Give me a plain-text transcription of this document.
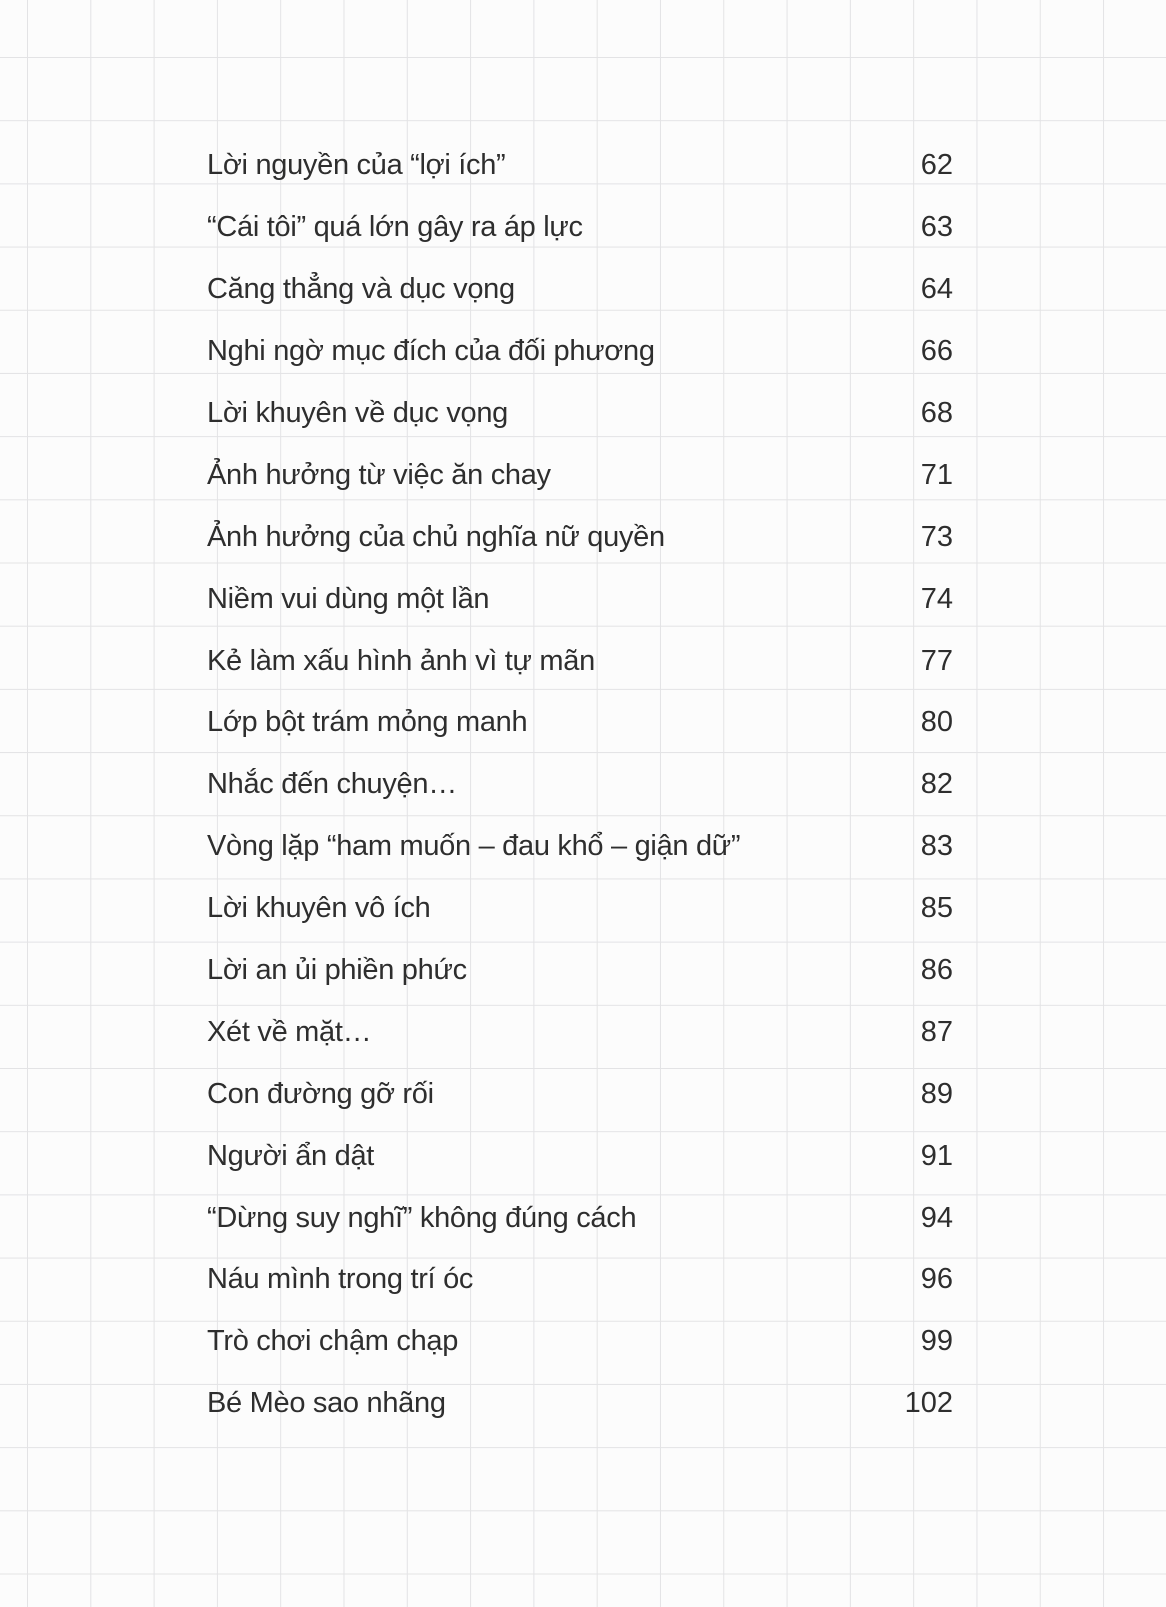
Lời nguyền của “lợi ích”	62
“Cái tôi” quá lớn gây ra áp lực	63
Căng thẳng và dục vọng	64
Nghi ngờ mục đích của đối phương	66
Lời khuyên về dục vọng	68
Ảnh hưởng từ việc ăn chay	71
Ảnh hưởng của chủ nghĩa nữ quyền	73
Niềm vui dùng một lần	74
Kẻ làm xấu hình ảnh vì tự mãn	77
Lớp bột trám mỏng manh	80
Nhắc đến chuyện…	82
Vòng lặp “ham muốn – đau khổ – giận dữ”	83
Lời khuyên vô ích	85
Lời an ủi phiền phức	86
Xét về mặt…	87
Con đường gỡ rối	89
Người ẩn dật	91
“Dừng suy nghĩ” không đúng cách	94
Náu mình trong trí óc	96
Trò chơi chậm chạp	99
Bé Mèo sao nhãng	102
